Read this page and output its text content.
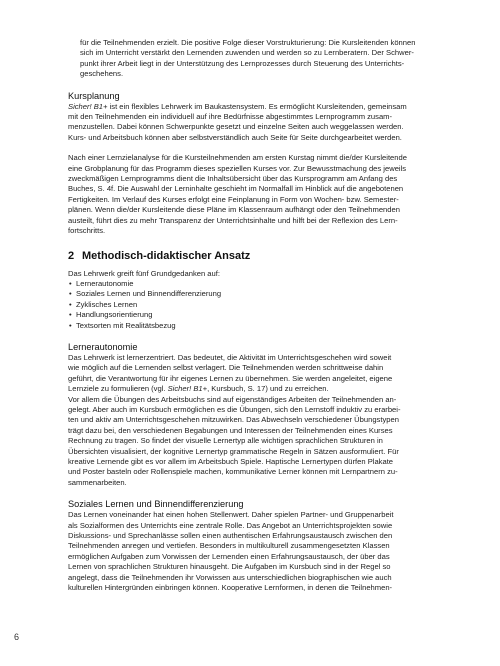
für die Teilnehmenden erzielt. Die positive Folge dieser Vorstrukturierung: Die Kursleitenden können
sich im Unterricht verstärkt den Lernenden zuwenden und werden so zu Lernberatern. Der Schwer-
punkt ihrer Arbeit liegt in der Unterstützung des Lernprozesses durch Steuerung des Unterrichts-
geschehens.

Kursplanung

Sicher! B1+ ist ein flexibles Lehrwerk im Baukastensystem. Es ermöglicht Kursleitenden, gemeinsam
mit den Teilnehmenden ein individuell auf ihre Bedürfnisse abgestimmtes Lernprogramm zusam-
menzustellen. Dabei können Schwerpunkte gesetzt und einzelne Seiten auch weggelassen werden.
Kurs- und Arbeitsbuch können aber selbstverständlich auch Seite für Seite durchgearbeitet werden.

Nach einer Lernzielanalyse für die Kursteilnehmenden am ersten Kurstag nimmt die/der Kursleitende
eine Grobplanung für das Programm dieses speziellen Kurses vor. Zur Bewusstmachung des jeweils
zweckmäßigen Lernprogramms dient die Inhaltsübersicht über das Kursprogramm am Anfang des
Buches, S. 4f. Die Auswahl der Lerninhalte geschieht im Normalfall im Hinblick auf die angebotenen
Fertigkeiten. Im Verlauf des Kurses erfolgt eine Feinplanung in Form von Wochen- bzw. Semester-
plänen. Wenn die/der Kursleitende diese Pläne im Klassenraum aufhängt oder den Teilnehmenden
austeilt, führt dies zu mehr Transparenz der Unterrichtsinhalte und hilft bei der Reflexion des Lern-
fortschritts.

2 Methodisch-didaktischer Ansatz

Das Lehrwerk greift fünf Grundgedanken auf:

• Lernerautonomie
• Soziales Lernen und Binnendifferenzierung
• Zyklisches Lernen
• Handlungsorientierung
• Textsorten mit Realitätsbezug

Lernerautonomie

Das Lehrwerk ist lernerzentriert. Das bedeutet, die Aktivität im Unterrichtsgeschehen wird soweit
wie möglich auf die Lernenden selbst verlagert. Die Teilnehmenden werden schrittweise dahin
geführt, die Verantwortung für ihr eigenes Lernen zu übernehmen. Sie werden angeleitet, eigene
Lernziele zu formulieren (vgl. Sicher! B1+, Kursbuch, S. 17) und zu erreichen.
Vor allem die Übungen des Arbeitsbuchs sind auf eigenständiges Arbeiten der Teilnehmenden an-
gelegt. Aber auch im Kursbuch ermöglichen es die Übungen, sich den Lernstoff induktiv zu erarbei-
ten und aktiv am Unterrichtsgeschehen mitzuwirken. Das Abwechseln verschiedener Übungstypen
trägt dazu bei, den verschiedenen Begabungen und Interessen der Teilnehmenden eines Kurses
Rechnung zu tragen. So findet der visuelle Lernertyp alle wichtigen sprachlichen Strukturen in
Übersichten visualisiert, der kognitive Lernertyp grammatische Regeln in Sätzen ausformuliert. Für
kreative Lernende gibt es vor allem im Arbeitsbuch Spiele. Haptische Lernertypen dürfen Plakate
und Poster basteln oder Rollenspiele machen, kommunikative Lerner können mit Lernpartnern zu-
sammenarbeiten.

Soziales Lernen und Binnendifferenzierung

Das Lernen voneinander hat einen hohen Stellenwert. Daher spielen Partner- und Gruppenarbeit
als Sozialformen des Unterrichts eine zentrale Rolle. Das Angebot an Unterrichtsprojekten sowie
Diskussions- und Sprechanlässe sollen einen authentischen Erfahrungsaustausch zwischen den
Teilnehmenden anregen und vertiefen. Besonders in multikulturell zusammengesetzten Klassen
ermöglichen Aufgaben zum Vorwissen der Lernenden einen Erfahrungsaustausch, der über das
Lernen von sprachlichen Strukturen hinausgeht. Die Aufgaben im Kursbuch sind in der Regel so
angelegt, dass die Teilnehmenden ihr Vorwissen aus unterschiedlichen biographischen wie auch
kulturellen Hintergründen einbringen können. Kooperative Lernformen, in denen die Teilnehmen-

6
